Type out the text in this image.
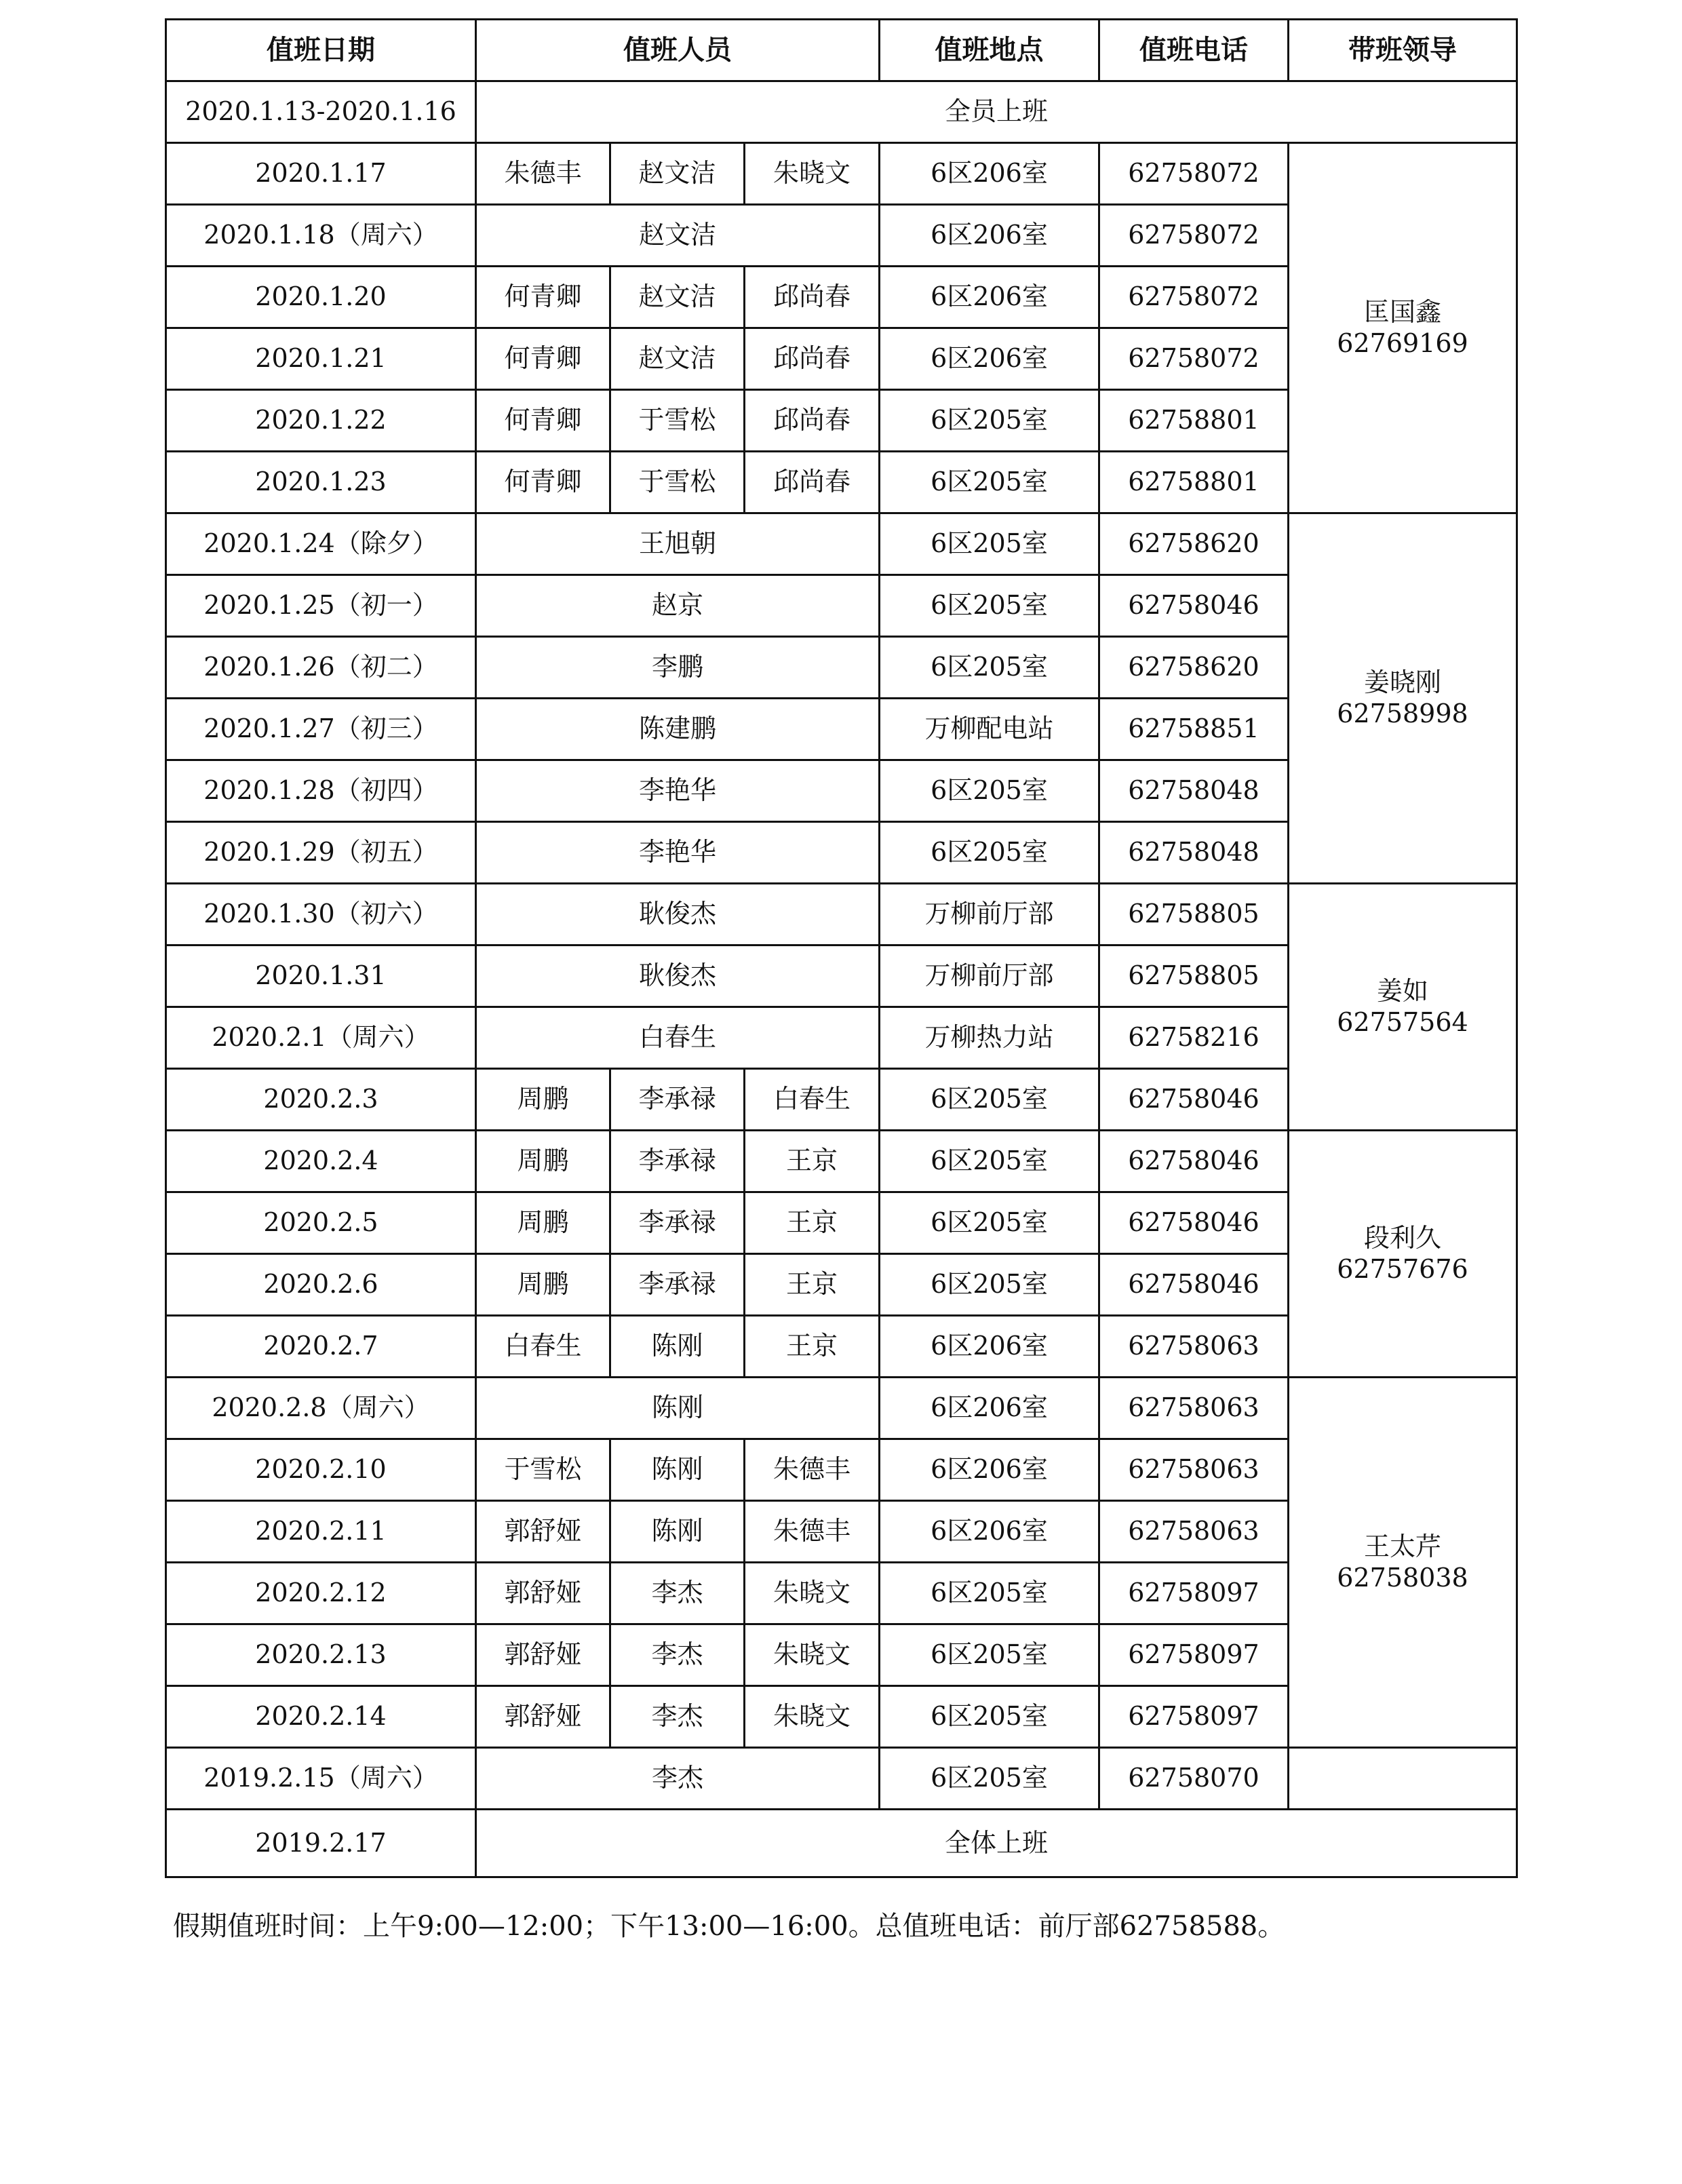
值班日期	值班人员			值班地点	值班电话	带班领导
2020.1.13-2020.1.16	全员上班					
2020.1.17	朱德丰	赵文洁	朱晓文	6区206室	62758072	匡国鑫
62769169

2020.1.18（周六）	赵文洁			6区206室	62758072	
2020.1.20	何青卿	赵文洁	邱尚春	6区206室	62758072	
2020.1.21	何青卿	赵文洁	邱尚春	6区206室	62758072	
2020.1.22	何青卿	于雪松	邱尚春	6区205室	62758801	
2020.1.23	何青卿	于雪松	邱尚春	6区205室	62758801	
2020.1.24（除夕）	王旭朝			6区205室	62758620	姜晓刚
62758998

2020.1.25（初一）	赵京			6区205室	62758046	
2020.1.26（初二）	李鹏			6区205室	62758620	
2020.1.27（初三）	陈建鹏			万柳配电站	62758851	
2020.1.28（初四）	李艳华			6区205室	62758048	
2020.1.29（初五）	李艳华			6区205室	62758048	
2020.1.30（初六）	耿俊杰			万柳前厅部	62758805	姜如
62757564

2020.1.31	耿俊杰			万柳前厅部	62758805	
2020.2.1（周六）	白春生			万柳热力站	62758216	
2020.2.3	周鹏	李承禄	白春生	6区205室	62758046	
2020.2.4	周鹏	李承禄	王京	6区205室	62758046	段利久
62757676

2020.2.5	周鹏	李承禄	王京	6区205室	62758046	
2020.2.6	周鹏	李承禄	王京	6区205室	62758046	
2020.2.7	白春生	陈刚	王京	6区206室	62758063	
2020.2.8（周六）	陈刚			6区206室	62758063	王太芹
62758038

2020.2.10	于雪松	陈刚	朱德丰	6区206室	62758063	
2020.2.11	郭舒娅	陈刚	朱德丰	6区206室	62758063	
2020.2.12	郭舒娅	李杰	朱晓文	6区205室	62758097	
2020.2.13	郭舒娅	李杰	朱晓文	6区205室	62758097	
2020.2.14	郭舒娅	李杰	朱晓文	6区205室	62758097	
2019.2.15（周六）	李杰			6区205室	62758070	

2019.2.17	全体上班					
假期值班时间：上午9:00—12:00；下午13:00—16:00。总值班电话：前厅部62758588。
